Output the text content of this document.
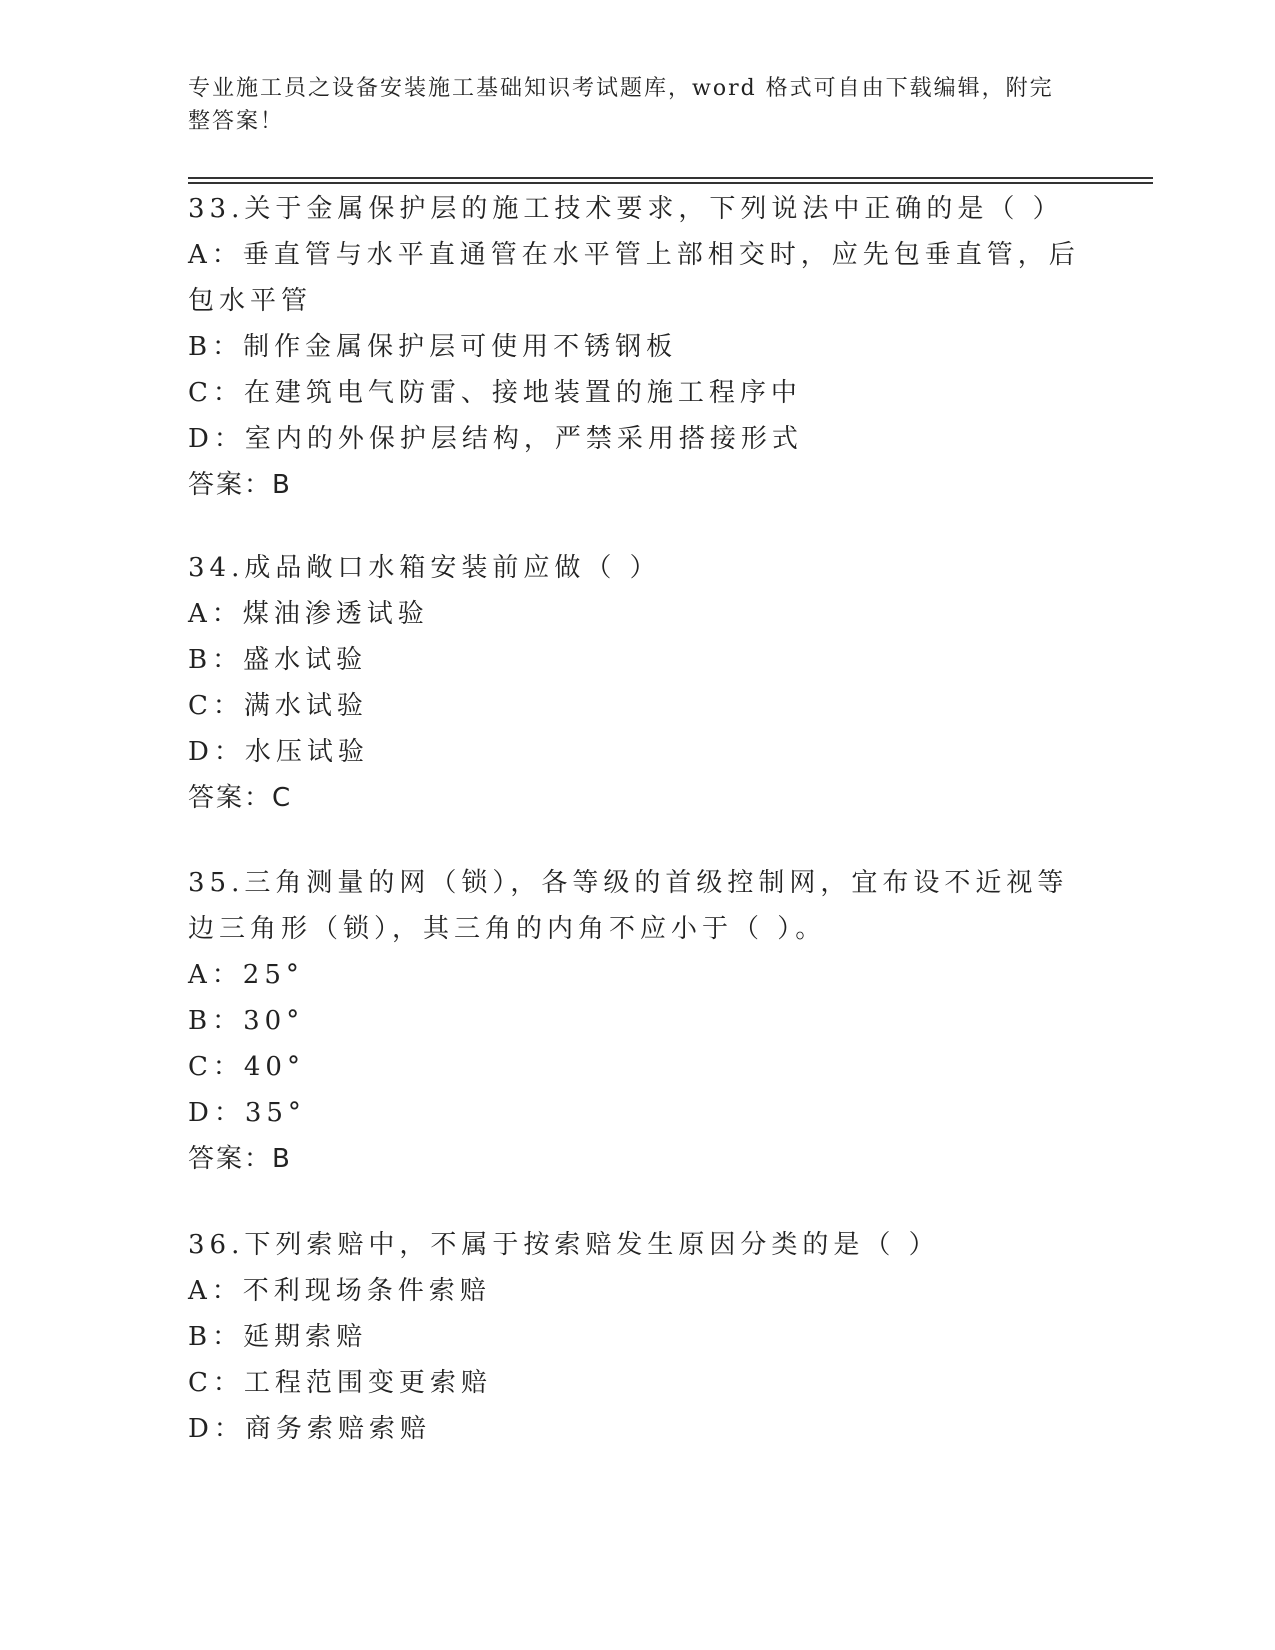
专业施工员之设备安装施工基础知识考试题库，word 格式可自由下载编辑，附完整答案！
33.关于金属保护层的施工技术要求，下列说法中正确的是（ ）
A：垂直管与水平直通管在水平管上部相交时，应先包垂直管，后包水平管
B：制作金属保护层可使用不锈钢板
C：在建筑电气防雷、接地装置的施工程序中
D：室内的外保护层结构，严禁采用搭接形式
答案：B
34.成品敞口水箱安装前应做（ ）
A：煤油渗透试验
B：盛水试验
C：满水试验
D：水压试验
答案：C
35.三角测量的网（锁），各等级的首级控制网，宜布设不近视等边三角形（锁），其三角的内角不应小于（ ）。
A：25°
B：30°
C：40°
D：35°
答案：B
36.下列索赔中，不属于按索赔发生原因分类的是（ ）
A：不利现场条件索赔
B：延期索赔
C：工程范围变更索赔
D：商务索赔索赔
